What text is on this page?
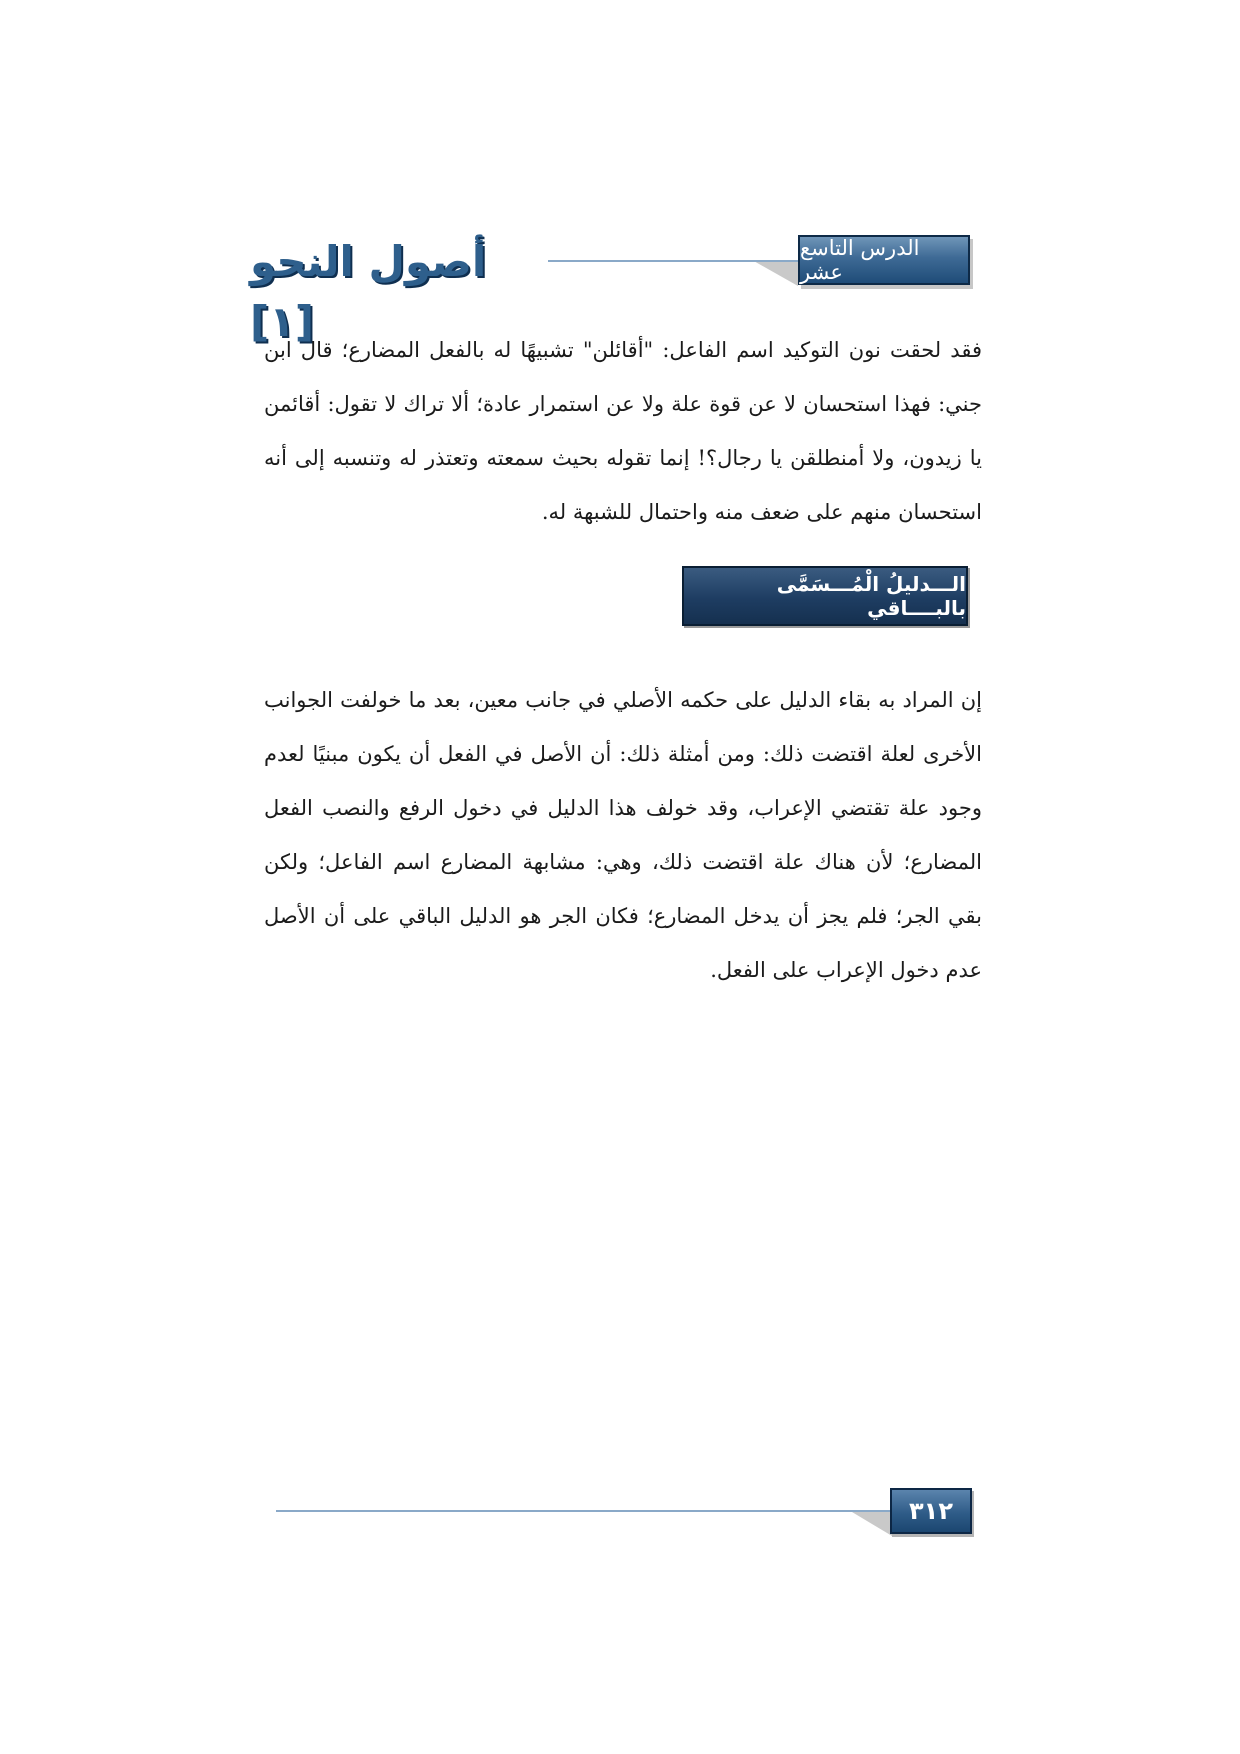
الدرس التاسع عشر
أصول النحو [١]

فقد لحقت نون التوكيد اسم الفاعل: "أقائلن" تشبيهًا له بالفعل المضارع؛ قال ابن جني: فهذا استحسان لا عن قوة علة ولا عن استمرار عادة؛ ألا تراك لا تقول: أقائمن يا زيدون، ولا أمنطلقن يا رجال؟! إنما تقوله بحيث سمعته وتعتذر له وتنسبه إلى أنه استحسان منهم على ضعف منه واحتمال للشبهة له.

الـــدليلُ الْمُـــسَمَّى بالبــــاقي

إن المراد به بقاء الدليل على حكمه الأصلي في جانب معين، بعد ما خولفت الجوانب الأخرى لعلة اقتضت ذلك: ومن أمثلة ذلك: أن الأصل في الفعل أن يكون مبنيًا لعدم وجود علة تقتضي الإعراب، وقد خولف هذا الدليل في دخول الرفع والنصب الفعل المضارع؛ لأن هناك علة اقتضت ذلك، وهي: مشابهة المضارع اسم الفاعل؛ ولكن بقي الجر؛ فلم يجز أن يدخل المضارع؛ فكان الجر هو الدليل الباقي على أن الأصل عدم دخول الإعراب على الفعل.

٣١٢
